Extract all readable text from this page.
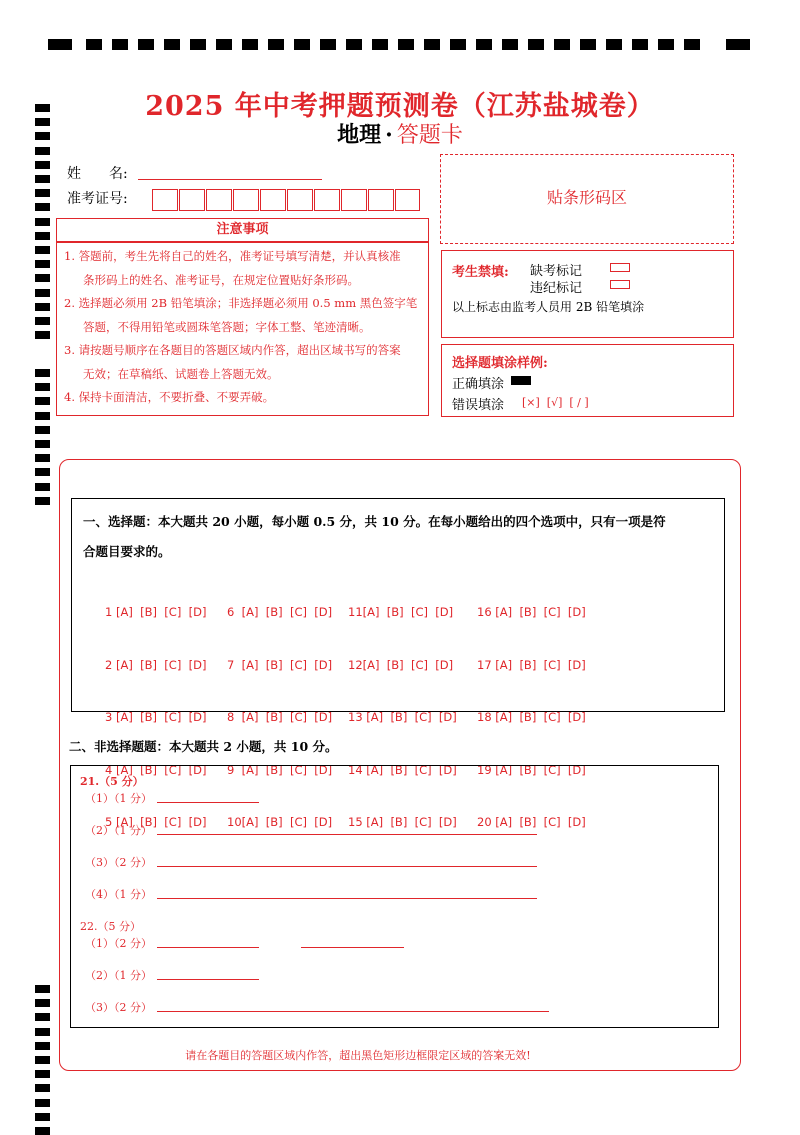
2025 年中考押题预测卷（江苏盐城卷）
地理 · 答题卡
姓　　名:
准考证号:	贴条形码区
注意事项

1. 答题前，考生先将自己的姓名，准考证号填写清楚，并认真核准

条形码上的姓名、准考证号，在规定位置贴好条形码。

2. 选择题必须用 2B 铅笔填涂；非选择题必须用 0.5 mm 黑色签字笔

答题，不得用铅笔或圆珠笔答题；字体工整、笔迹清晰。

3. 请按题号顺序在各题目的答题区域内作答，超出区域书写的答案

无效；在草稿纸、试题卷上答题无效。

4. 保持卡面清洁，不要折叠、不要弄破。

考生禁填: 缺考标记
违纪标记
以上标志由监考人员用 2B 铅笔填涂
选择题填涂样例:
正确填涂
错误填涂 [×]  [√]  [ / ]
一、选择题：本大题共 20 小题，每小题 0.5 分，共 10 分。在每小题给出的四个选项中，只有一项是符
合题目要求的。

1 [A]  [B]  [C]  [D]

2 [A]  [B]  [C]  [D]

3 [A]  [B]  [C]  [D]

4 [A]  [B]  [C]  [D]

5 [A]  [B]  [C]  [D]

6  [A]  [B]  [C]  [D]

7  [A]  [B]  [C]  [D]

8  [A]  [B]  [C]  [D]

9  [A]  [B]  [C]  [D]

10[A]  [B]  [C]  [D]

11[A]  [B]  [C]  [D]

12[A]  [B]  [C]  [D]

13 [A]  [B]  [C]  [D]

14 [A]  [B]  [C]  [D]

15 [A]  [B]  [C]  [D]

16 [A]  [B]  [C]  [D]

17 [A]  [B]  [C]  [D]

18 [A]  [B]  [C]  [D]

19 [A]  [B]  [C]  [D]

20 [A]  [B]  [C]  [D]

二、非选择题题：本大题共 2 小题，共 10 分。
21.（5 分）
（1）（1 分）
（2）（1 分）
（3）（2 分）
（4）（1 分）
22.（5 分）
（1）（2 分）
（2）（1 分）
（3）（2 分）
请在各题目的答题区域内作答，超出黑色矩形边框限定区域的答案无效!
